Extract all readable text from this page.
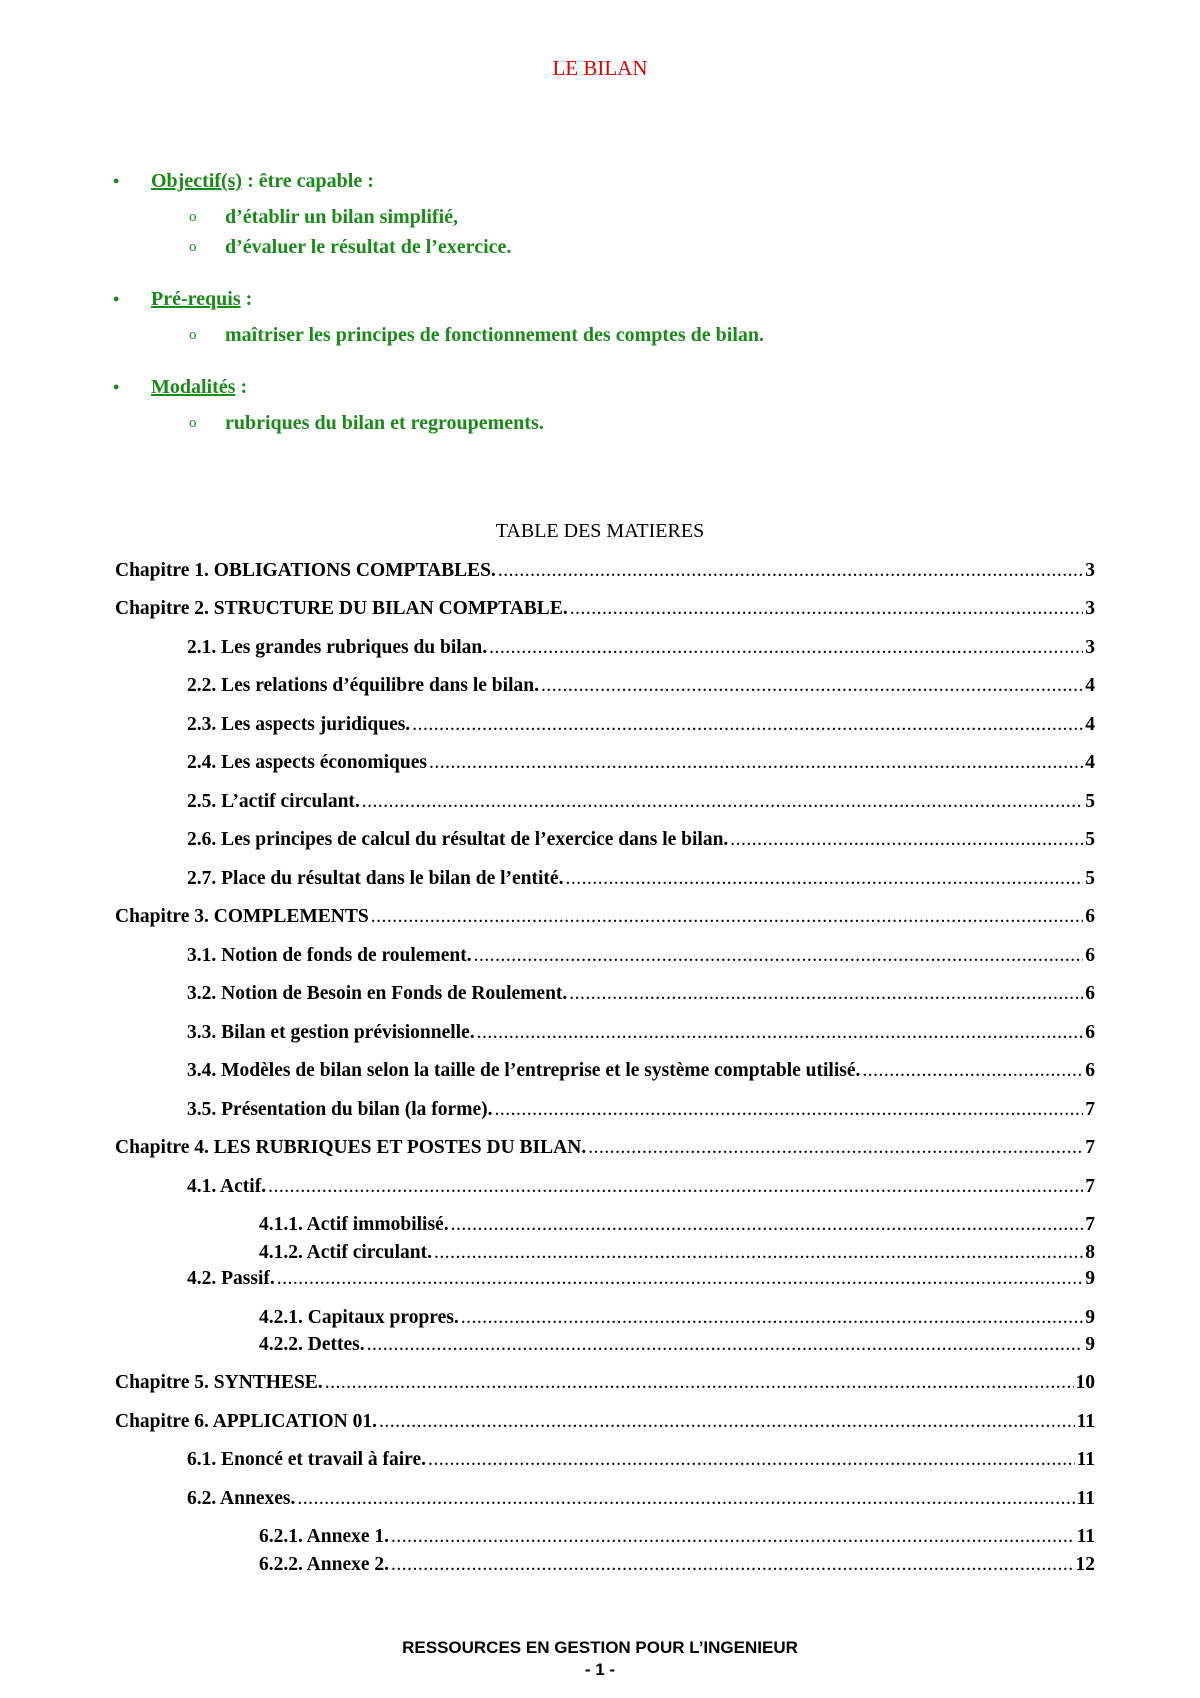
LE BILAN
• Objectif(s) : être capable :
o d’établir un bilan simplifié,
o d’évaluer le résultat de l’exercice.
• Pré-requis :
o maîtriser les principes de fonctionnement des comptes de bilan.
• Modalités :
o rubriques du bilan et regroupements.
TABLE DES MATIERES
Chapitre 1. OBLIGATIONS COMPTABLES. .....	3
Chapitre 2. STRUCTURE DU BILAN COMPTABLE. .....	3
2.1. Les grandes rubriques du bilan. .....	3
2.2. Les relations d’équilibre dans le bilan. .....	4
2.3. Les aspects juridiques. .....	4
2.4. Les aspects économiques .....	4
2.5. L’actif circulant. .....	5
2.6. Les principes de calcul du résultat de l’exercice dans le bilan. .....	5
2.7. Place du résultat dans le bilan de l’entité. .....	5
Chapitre 3. COMPLEMENTS .....	6
3.1. Notion de fonds de roulement. .....	6
3.2. Notion de Besoin en Fonds de Roulement. .....	6
3.3. Bilan et gestion prévisionnelle. .....	6
3.4. Modèles de bilan selon la taille de l’entreprise et le système comptable utilisé. .....	6
3.5. Présentation du bilan (la forme). .....	7
Chapitre 4. LES RUBRIQUES ET POSTES DU BILAN. .....	7
4.1. Actif. .....	7
4.1.1. Actif immobilisé. .....	7
4.1.2. Actif circulant. .....	8
4.2. Passif. .....	9
4.2.1. Capitaux propres. .....	9
4.2.2. Dettes. .....	9
Chapitre 5. SYNTHESE. .....	10
Chapitre 6. APPLICATION 01. .....	11
6.1. Enoncé et travail à faire. .....	11
6.2. Annexes. .....	11
6.2.1. Annexe 1. .....	11
6.2.2. Annexe 2. .....	12
RESSOURCES EN GESTION POUR L’INGENIEUR
- 1 -
